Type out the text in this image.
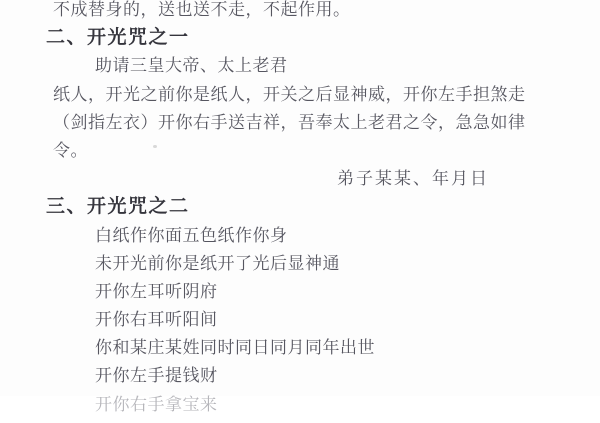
不成替身的，送也送不走，不起作用。
二、开光咒之一
助请三皇大帝、太上老君
纸人，开光之前你是纸人，开关之后显神威，开你左手担煞走
（剑指左衣）开你右手送吉祥，吾奉太上老君之令，急急如律
令。
弟子某某、年月日
三、开光咒之二
白纸作你面五色纸作你身
未开光前你是纸开了光后显神通
开你左耳听阴府
开你右耳听阳间
你和某庄某姓同时同日同月同年出世
开你左手提钱财
开你右手拿宝来
